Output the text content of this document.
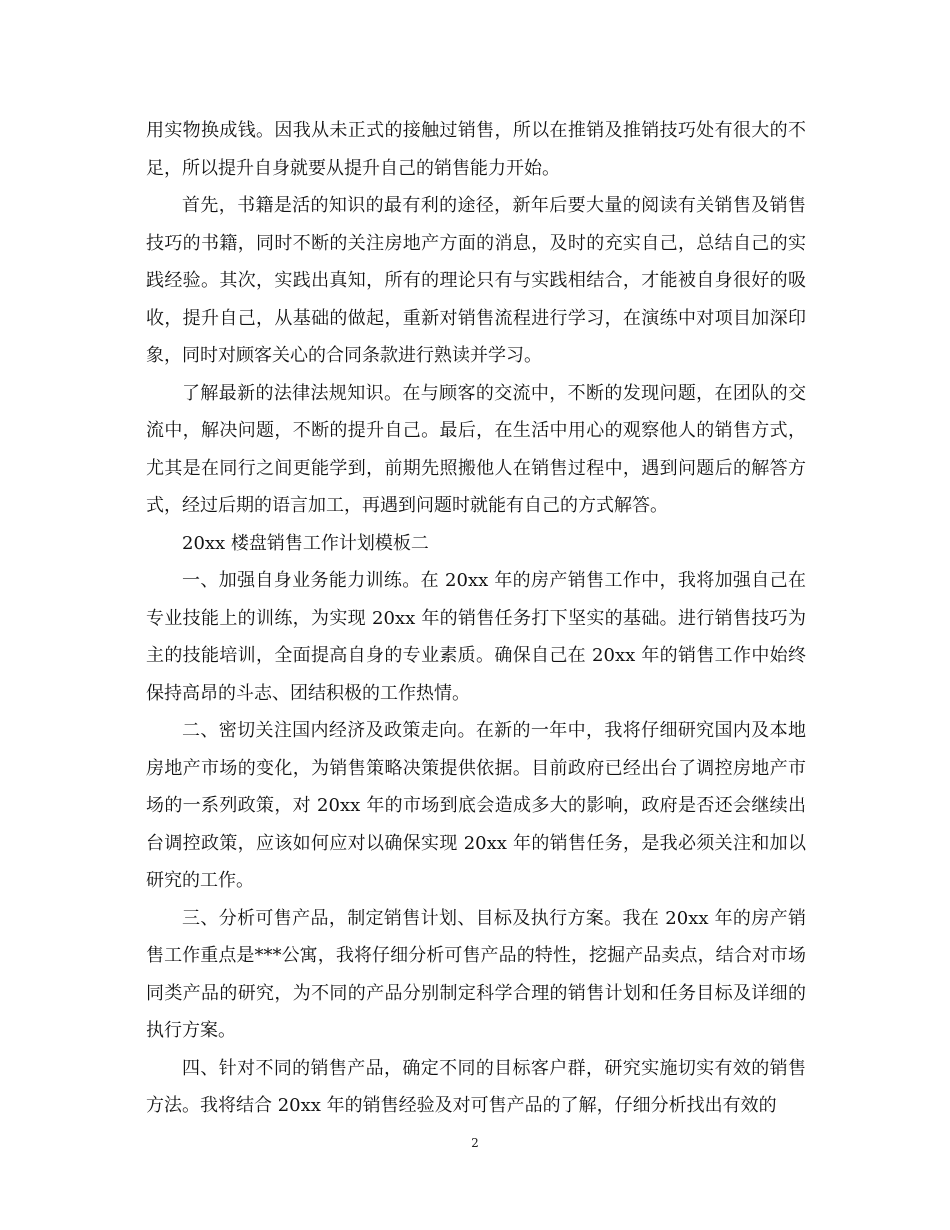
用实物换成钱。因我从未正式的接触过销售，所以在推销及推销技巧处有很大的不足，所以提升自身就要从提升自己的销售能力开始。

首先，书籍是活的知识的最有利的途径，新年后要大量的阅读有关销售及销售技巧的书籍，同时不断的关注房地产方面的消息，及时的充实自己，总结自己的实践经验。其次，实践出真知，所有的理论只有与实践相结合，才能被自身很好的吸收，提升自己，从基础的做起，重新对销售流程进行学习，在演练中对项目加深印象，同时对顾客关心的合同条款进行熟读并学习。

了解最新的法律法规知识。在与顾客的交流中，不断的发现问题，在团队的交流中，解决问题，不断的提升自己。最后，在生活中用心的观察他人的销售方式，尤其是在同行之间更能学到，前期先照搬他人在销售过程中，遇到问题后的解答方式，经过后期的语言加工，再遇到问题时就能有自己的方式解答。

20xx 楼盘销售工作计划模板二

一、加强自身业务能力训练。在 20xx 年的房产销售工作中，我将加强自己在专业技能上的训练，为实现 20xx 年的销售任务打下坚实的基础。进行销售技巧为主的技能培训，全面提高自身的专业素质。确保自己在 20xx 年的销售工作中始终保持高昂的斗志、团结积极的工作热情。

二、密切关注国内经济及政策走向。在新的一年中，我将仔细研究国内及本地房地产市场的变化，为销售策略决策提供依据。目前政府已经出台了调控房地产市场的一系列政策，对 20xx 年的市场到底会造成多大的影响，政府是否还会继续出台调控政策，应该如何应对以确保实现 20xx 年的销售任务，是我必须关注和加以研究的工作。

三、分析可售产品，制定销售计划、目标及执行方案。我在 20xx 年的房产销售工作重点是***公寓，我将仔细分析可售产品的特性，挖掘产品卖点，结合对市场同类产品的研究，为不同的产品分别制定科学合理的销售计划和任务目标及详细的执行方案。

四、针对不同的销售产品，确定不同的目标客户群，研究实施切实有效的销售方法。我将结合 20xx 年的销售经验及对可售产品的了解，仔细分析找出有效的

2
